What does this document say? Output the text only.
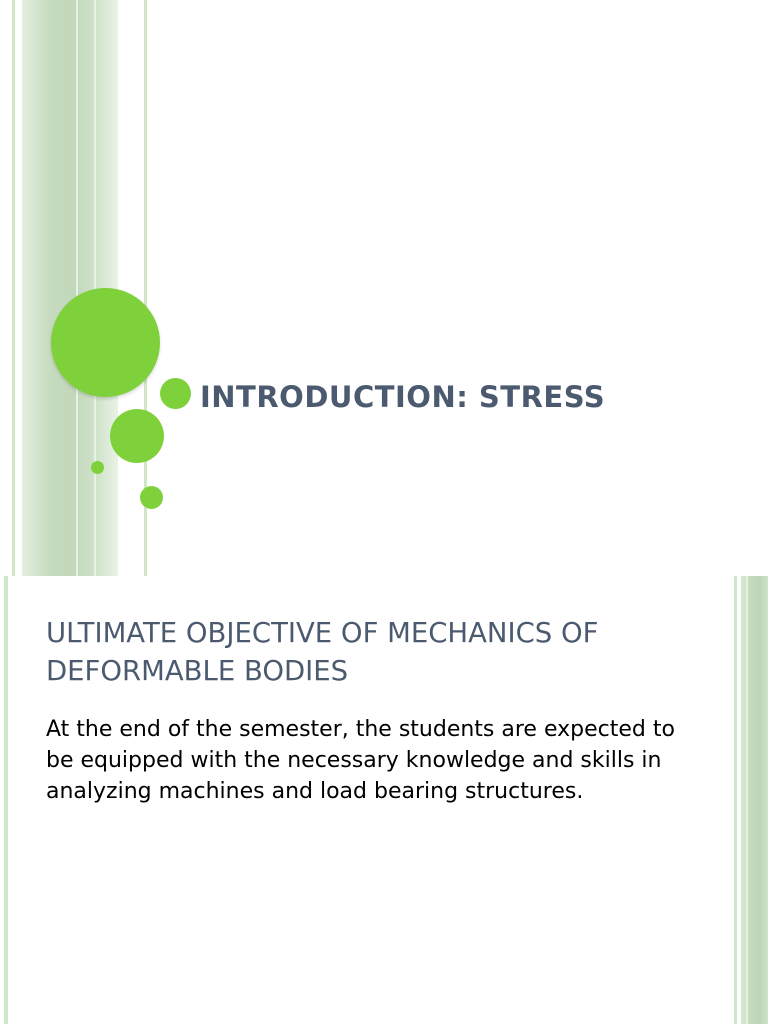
INTRODUCTION: STRESS
ULTIMATE OBJECTIVE OF MECHANICS OF DEFORMABLE BODIES

At the end of the semester, the students are expected to be equipped with the necessary knowledge and skills in analyzing machines and load bearing structures.
